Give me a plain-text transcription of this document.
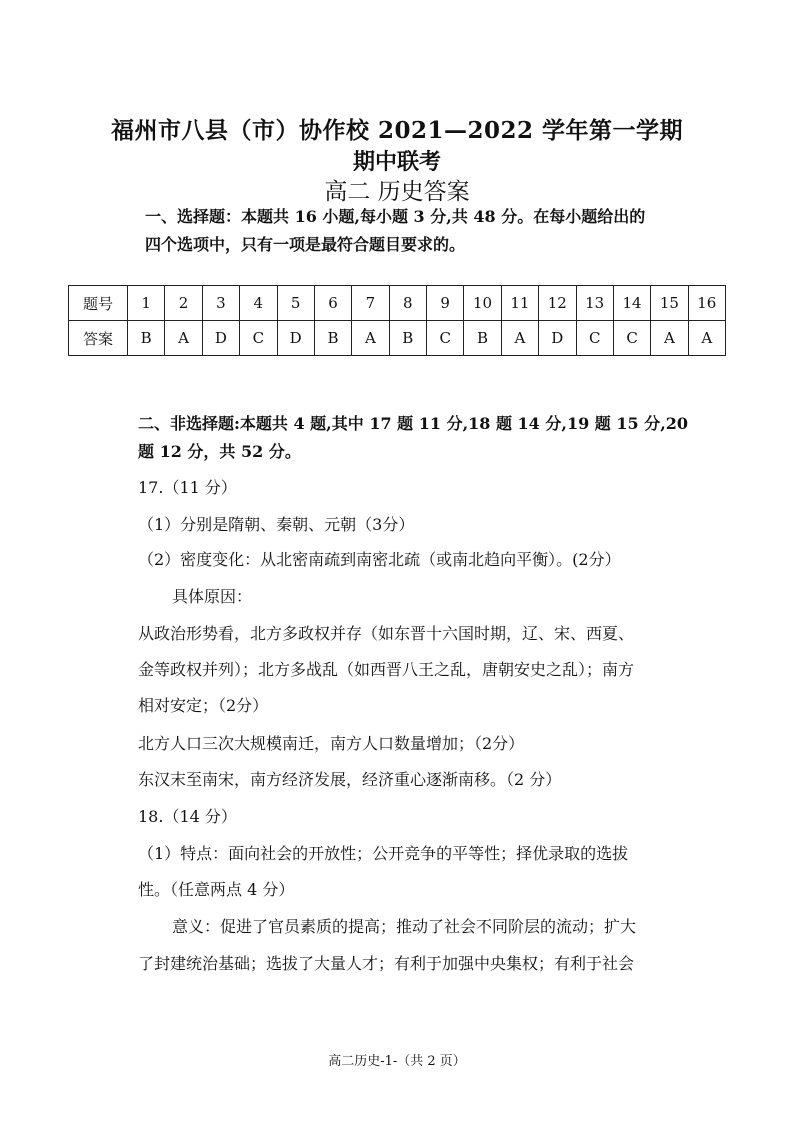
福州市八县（市）协作校 2021—2022 学年第一学期
期中联考
高二 历史答案
一、选择题：本题共 16 小题,每小题 3 分,共 48 分。在每小题给出的
四个选项中，只有一项是最符合题目要求的。
题号	1	2	3	4	5	6	7	8	9	10	11	12	13	14	15	16
答案	B	A	D	C	D	B	A	B	C	B	A	D	C	C	A	A
二、非选择题:本题共 4 题,其中 17 题 11 分,18 题 14 分,19 题 15 分,20
题 12 分，共 52 分。
17.（11 分）
（1）分别是隋朝、秦朝、元朝（3分）
（2）密度变化：从北密南疏到南密北疏（或南北趋向平衡）。(2分）
具体原因：
从政治形势看，北方多政权并存（如东晋十六国时期，辽、宋、西夏、
金等政权并列）；北方多战乱（如西晋八王之乱，唐朝安史之乱）；南方
相对安定；（2分）
北方人口三次大规模南迁，南方人口数量增加；（2分）
东汉末至南宋，南方经济发展，经济重心逐渐南移。（2 分）
18.（14 分）
（1）特点：面向社会的开放性；公开竞争的平等性；择优录取的选拔
性。（任意两点 4 分）
意义：促进了官员素质的提高；推动了社会不同阶层的流动；扩大
了封建统治基础；选拔了大量人才；有利于加强中央集权；有利于社会
高二历史-1-（共 2 页）
